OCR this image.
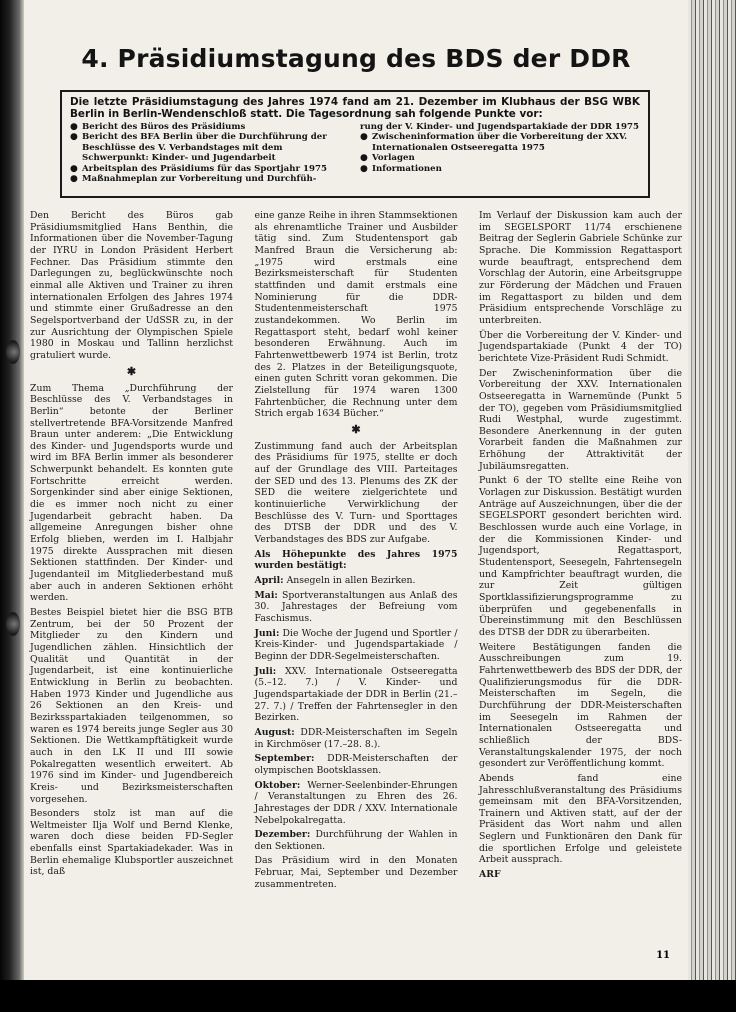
4. Präsidiumstagung des BDS der DDR

Die letzte Präsidiumstagung des Jahres 1974 fand am 21. Dezember im Klubhaus der BSG WBK Berlin in Berlin-Wendenschloß statt. Die Tagesordnung sah folgende Punkte vor:

● Bericht des Büros des Präsidiums

● Bericht des BFA Berlin über die Durchführung der Beschlüsse des V. Verbandstages mit dem Schwerpunkt: Kinder- und Jugendarbeit

● Arbeitsplan des Präsidiums für das Sportjahr 1975

● Maßnahmeplan zur Vorbereitung und Durchfüh-

rung der V. Kinder- und Jugendspartakiade der DDR 1975

● Zwischeninformation über die Vorbereitung der XXV. Internationalen Ostseeregatta 1975

● Vorlagen

● Informationen

Den Bericht des Büros gab Präsidiumsmitglied Hans Benthin, die Informationen über die November-Tagung der IYRU in London Präsident Herbert Fechner. Das Präsidium stimmte den Darlegungen zu, beglückwünschte noch einmal alle Aktiven und Trainer zu ihren internationalen Erfolgen des Jahres 1974 und stimmte einer Grußadresse an den Segelsportverband der UdSSR zu, in der zur Ausrichtung der Olympischen Spiele 1980 in Moskau und Tallinn herzlichst gratuliert wurde.

✱

Zum Thema „Durchführung der Beschlüsse des V. Verbandstages in Berlin“ betonte der Berliner stellvertretende BFA-Vorsitzende Manfred Braun unter anderem: „Die Entwicklung des Kinder- und Jugendsports wurde und wird im BFA Berlin immer als besonderer Schwerpunkt behandelt. Es konnten gute Fortschritte erreicht werden. Sorgenkinder sind aber einige Sektionen, die es immer noch nicht zu einer Jugendarbeit gebracht haben. Da allgemeine Anregungen bisher ohne Erfolg blieben, werden im I. Halbjahr 1975 direkte Aussprachen mit diesen Sektionen stattfinden. Der Kinder- und Jugendanteil im Mitgliederbestand muß aber auch in anderen Sektionen erhöht werden.

Bestes Beispiel bietet hier die BSG BTB Zentrum, bei der 50 Prozent der Mitglieder zu den Kindern und Jugendlichen zählen. Hinsichtlich der Qualität und Quantität in der Jugendarbeit, ist eine kontinuierliche Entwicklung in Berlin zu beobachten. Haben 1973 Kinder und Jugendliche aus 26 Sektionen an den Kreis- und Bezirksspartakiaden teilgenommen, so waren es 1974 bereits junge Segler aus 30 Sektionen. Die Wettkampftätigkeit wurde auch in den LK II und III sowie Pokalregatten wesentlich erweitert. Ab 1976 sind im Kinder- und Jugendbereich Kreis- und Bezirksmeisterschaften vorgesehen.

Besonders stolz ist man auf die Weltmeister Ilja Wolf und Bernd Klenke, waren doch diese beiden FD-Segler ebenfalls einst Spartakiadekader. Was in Berlin ehemalige Klubsportler auszeichnet ist, daß

eine ganze Reihe in ihren Stammsektionen als ehrenamtliche Trainer und Ausbilder tätig sind. Zum Studentensport gab Manfred Braun die Versicherung ab: „1975 wird erstmals eine Bezirksmeisterschaft für Studenten stattfinden und damit erstmals eine Nominierung für die DDR-Studentenmeisterschaft 1975 zustandekommen. Wo Berlin im Regattasport steht, bedarf wohl keiner besonderen Erwähnung. Auch im Fahrtenwettbewerb 1974 ist Berlin, trotz des 2. Platzes in der Beteiligungsquote, einen guten Schritt voran gekommen. Die Zielstellung für 1974 waren 1300 Fahrtenbücher, die Rechnung unter dem Strich ergab 1634 Bücher.“

✱

Zustimmung fand auch der Arbeitsplan des Präsidiums für 1975, stellte er doch auf der Grundlage des VIII. Parteitages der SED und des 13. Plenums des ZK der SED die weitere zielgerichtete und kontinuierliche Verwirklichung der Beschlüsse des V. Turn- und Sporttages des DTSB der DDR und des V. Verbandstages des BDS zur Aufgabe.

Als Höhepunkte des Jahres 1975 wurden bestätigt:

April: Ansegeln in allen Bezirken.

Mai: Sportveranstaltungen aus Anlaß des 30. Jahrestages der Befreiung vom Faschismus.

Juni: Die Woche der Jugend und Sportler / Kreis-Kinder- und Jugendspartakiade / Beginn der DDR-Segelmeisterschaften.

Juli: XXV. Internationale Ostseeregatta (5.–12. 7.) / V. Kinder- und Jugendspartakiade der DDR in Berlin (21.–27. 7.) / Treffen der Fahrtensegler in den Bezirken.

August: DDR-Meisterschaften im Segeln in Kirchmöser (17.–28. 8.).

September: DDR-Meisterschaften der olympischen Bootsklassen.

Oktober: Werner-Seelenbinder-Ehrungen / Veranstaltungen zu Ehren des 26. Jahrestages der DDR / XXV. Internationale Nebelpokalregatta.

Dezember: Durchführung der Wahlen in den Sektionen.

Das Präsidium wird in den Monaten Februar, Mai, September und Dezember zusammentreten.

Im Verlauf der Diskussion kam auch der im SEGELSPORT 11/74 erschienene Beitrag der Seglerin Gabriele Schünke zur Sprache. Die Kommission Regattasport wurde beauftragt, entsprechend dem Vorschlag der Autorin, eine Arbeitsgruppe zur Förderung der Mädchen und Frauen im Regattasport zu bilden und dem Präsidium entsprechende Vorschläge zu unterbreiten.

Über die Vorbereitung der V. Kinder- und Jugendspartakiade (Punkt 4 der TO) berichtete Vize-Präsident Rudi Schmidt.

Der Zwischeninformation über die Vorbereitung der XXV. Internationalen Ostseeregatta in Warnemünde (Punkt 5 der TO), gegeben vom Präsidiumsmitglied Rudi Westphal, wurde zugestimmt. Besondere Anerkennung in der guten Vorarbeit fanden die Maßnahmen zur Erhöhung der Attraktivität der Jubiläumsregatten.

Punkt 6 der TO stellte eine Reihe von Vorlagen zur Diskussion. Bestätigt wurden Anträge auf Auszeichnungen, über die der SEGELSPORT gesondert berichten wird. Beschlossen wurde auch eine Vorlage, in der die Kommissionen Kinder- und Jugendsport, Regattasport, Studentensport, Seesegeln, Fahrtensegeln und Kampfrichter beauftragt wurden, die zur Zeit gültigen Sportklassifizierungsprogramme zu überprüfen und gegebenenfalls in Übereinstimmung mit den Beschlüssen des DTSB der DDR zu überarbeiten.

Weitere Bestätigungen fanden die Ausschreibungen zum 19. Fahrtenwettbewerb des BDS der DDR, der Qualifizierungsmodus für die DDR-Meisterschaften im Segeln, die Durchführung der DDR-Meisterschaften im Seesegeln im Rahmen der Internationalen Ostseeregatta und schließlich der BDS-Veranstaltungskalender 1975, der noch gesondert zur Veröffentlichung kommt.

Abends fand eine Jahresschlußveranstaltung des Präsidiums gemeinsam mit den BFA-Vorsitzenden, Trainern und Aktiven statt, auf der der Präsident das Wort nahm und allen Seglern und Funktionären den Dank für die sportlichen Erfolge und geleistete Arbeit aussprach.

ARF

11
